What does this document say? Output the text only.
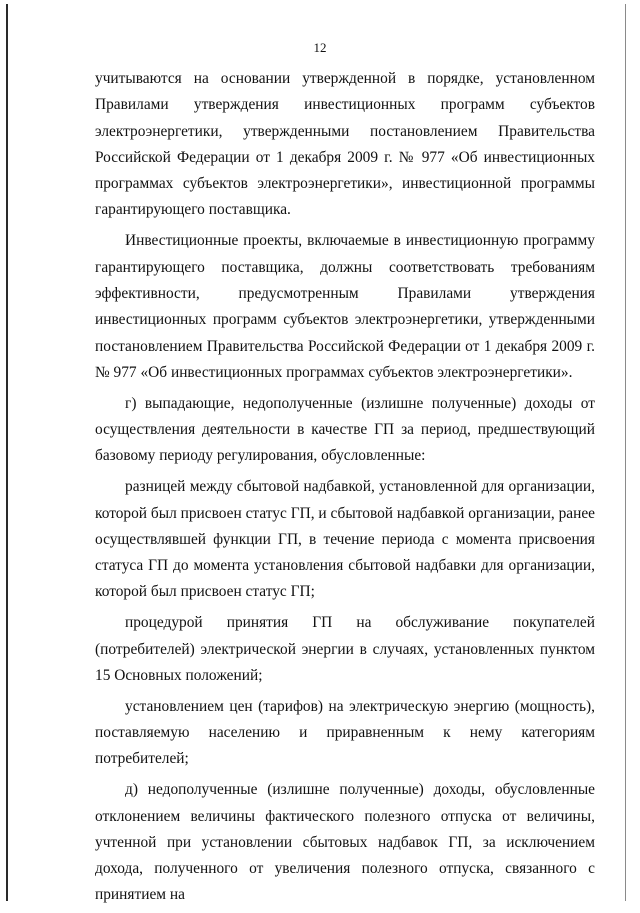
12

учитываются на основании утвержденной в порядке, установленном Правилами утверждения инвестиционных программ субъектов электроэнергетики, утвержденными постановлением Правительства Российской Федерации от 1 декабря 2009 г. № 977 «Об инвестиционных программах субъектов электроэнергетики», инвестиционной программы гарантирующего поставщика.

Инвестиционные проекты, включаемые в инвестиционную программу гарантирующего поставщика, должны соответствовать требованиям эффективности, предусмотренным Правилами утверждения инвестиционных программ субъектов электроэнергетики, утвержденными постановлением Правительства Российской Федерации от 1 декабря 2009 г. № 977 «Об инвестиционных программах субъектов электроэнергетики».

г) выпадающие, недополученные (излишне полученные) доходы от осуществления деятельности в качестве ГП за период, предшествующий базовому периоду регулирования, обусловленные:

разницей между сбытовой надбавкой, установленной для организации, которой был присвоен статус ГП, и сбытовой надбавкой организации, ранее осуществлявшей функции ГП, в течение периода с момента присвоения статуса ГП до момента установления сбытовой надбавки для организации, которой был присвоен статус ГП;

процедурой принятия ГП на обслуживание покупателей (потребителей) электрической энергии в случаях, установленных пунктом 15 Основных положений;

установлением цен (тарифов) на электрическую энергию (мощность), поставляемую населению и приравненным к нему категориям потребителей;

д) недополученные (излишне полученные) доходы, обусловленные отклонением величины фактического полезного отпуска от величины, учтенной при установлении сбытовых надбавок ГП, за исключением дохода, полученного от увеличения полезного отпуска, связанного с принятием на
